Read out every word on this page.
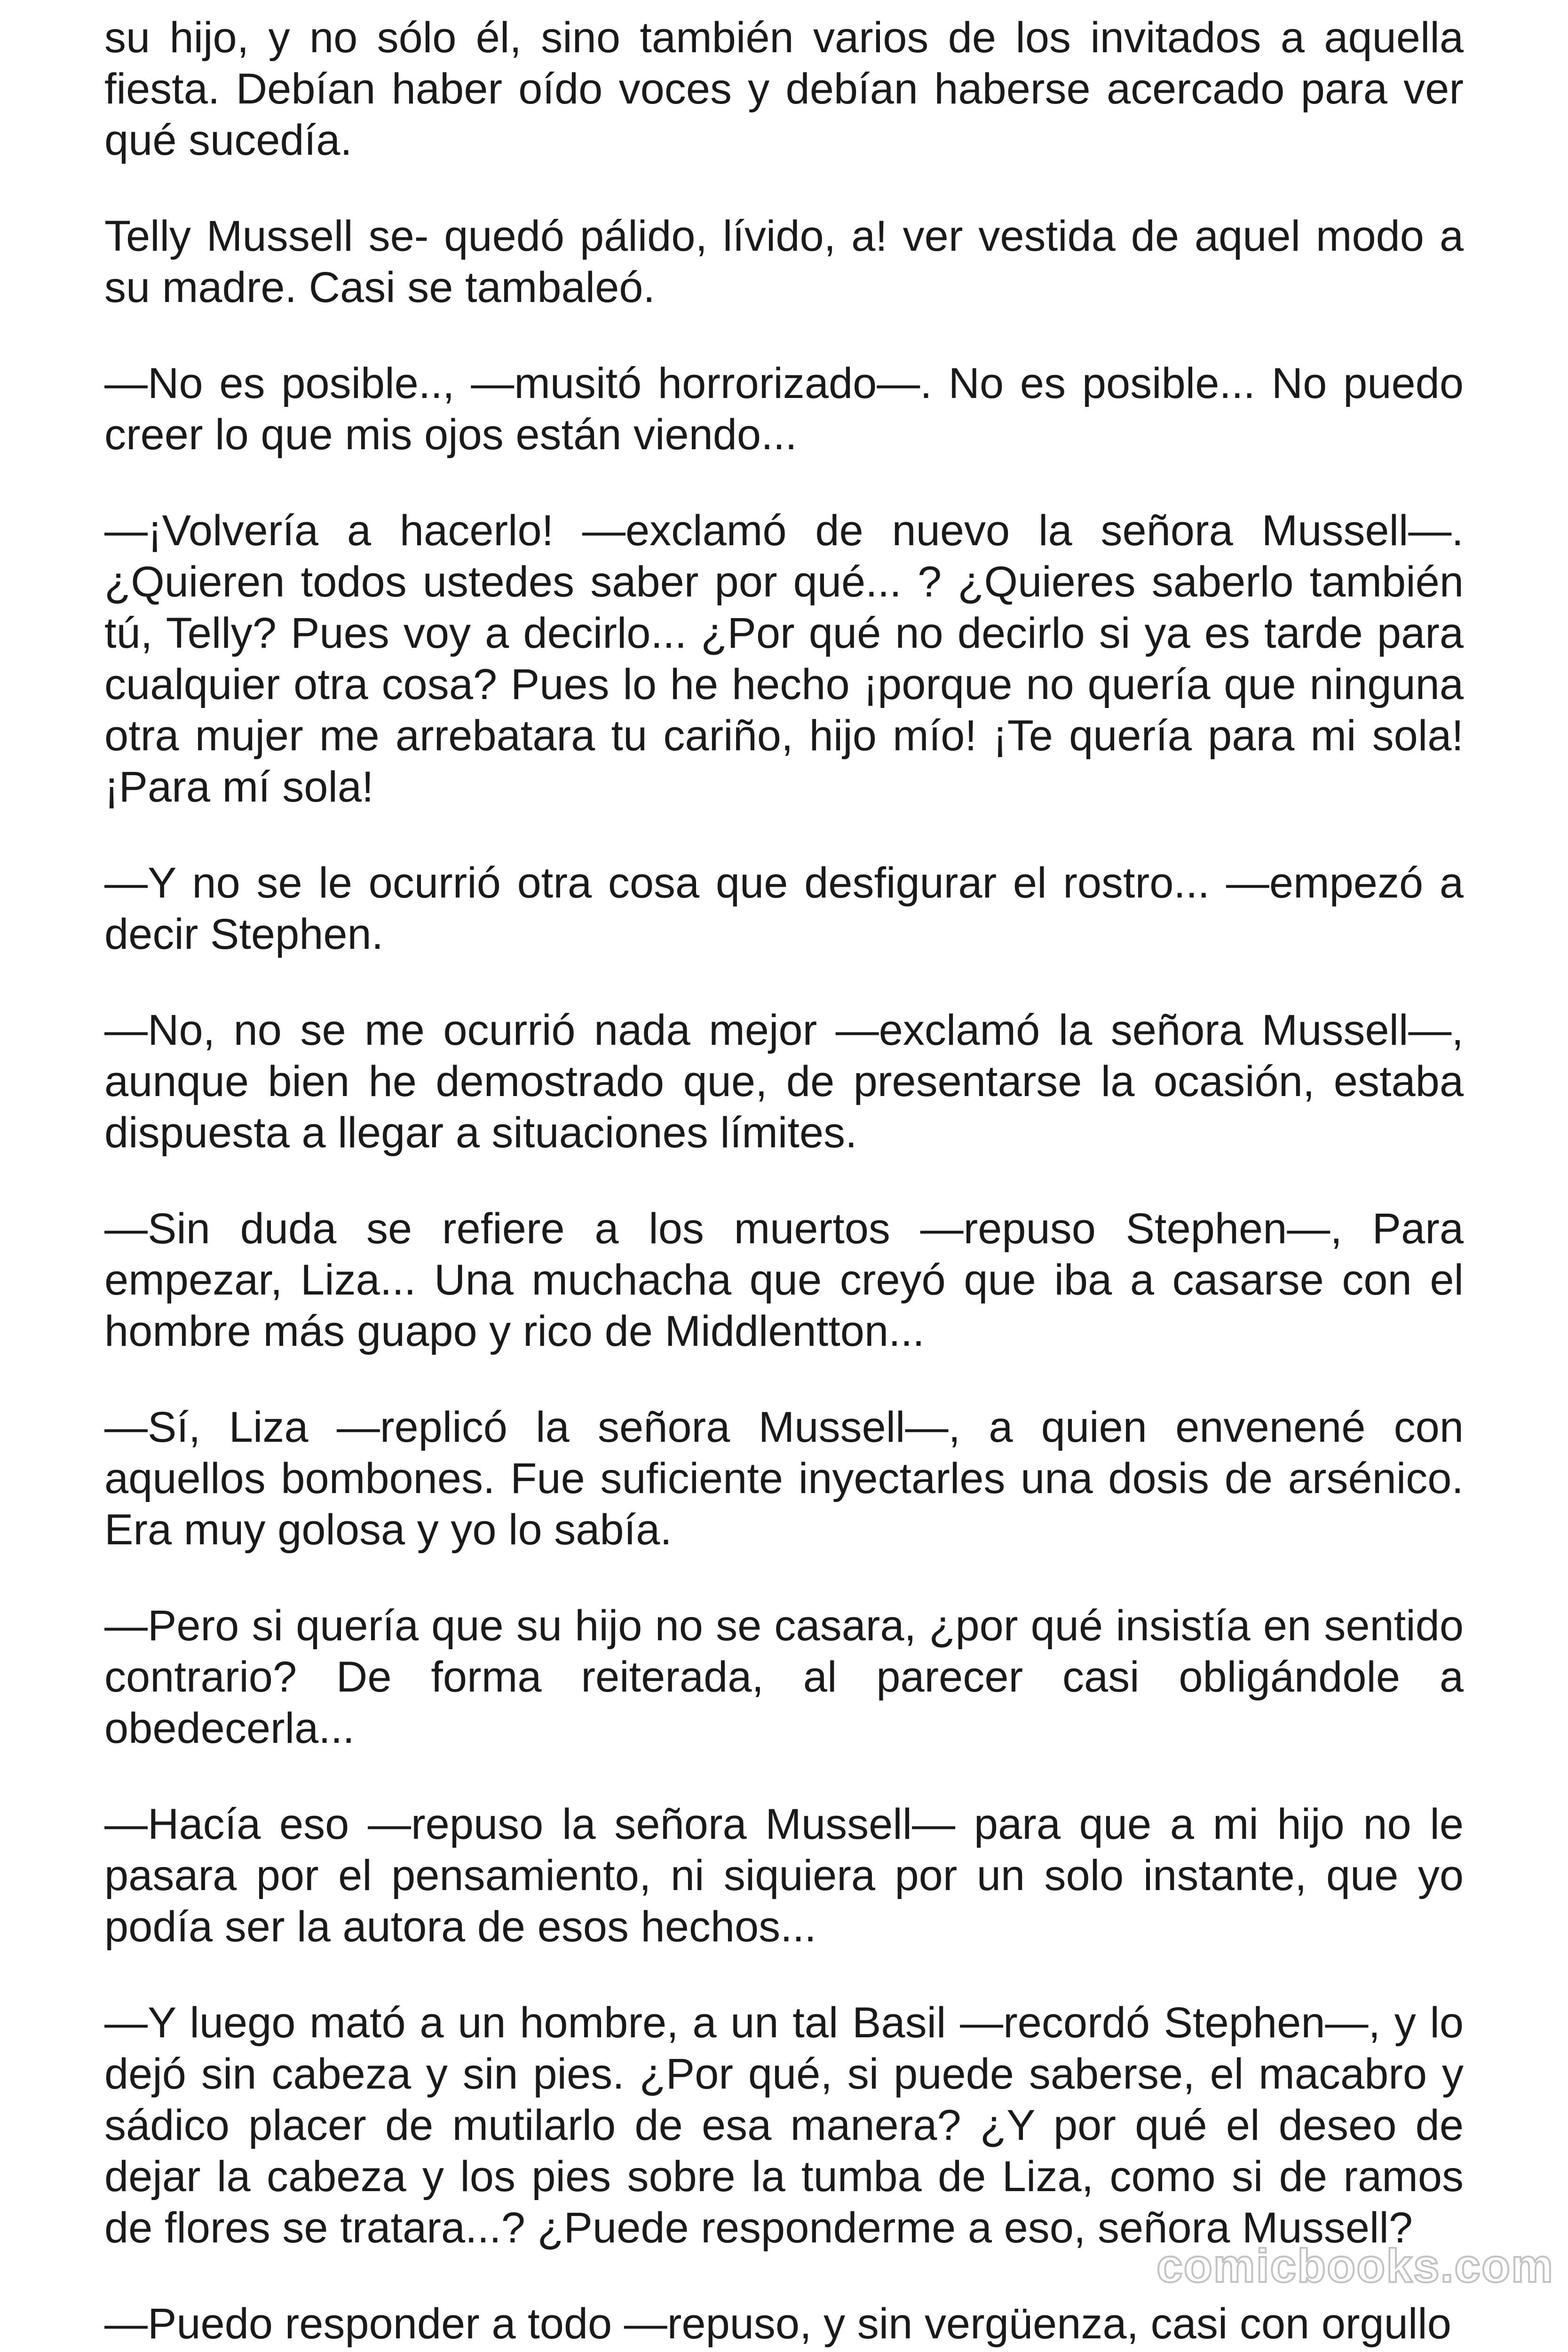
su hijo, y no sólo él, sino también varios de los invitados a aquella fiesta. Debían haber oído voces y debían haberse acercado para ver qué sucedía.

Telly Mussell se- quedó pálido, lívido, a! ver vestida de aquel modo a su madre. Casi se tambaleó.

—No es posible.., —musitó horrorizado—. No es posible... No puedo creer lo que mis ojos están viendo...

—¡Volvería a hacerlo! —exclamó de nuevo la señora Mussell—. ¿Quieren todos ustedes saber por qué... ? ¿Quieres saberlo también tú, Telly? Pues voy a decirlo... ¿Por qué no decirlo si ya es tarde para cualquier otra cosa? Pues lo he hecho ¡porque no quería que ninguna otra mujer me arrebatara tu cariño, hijo mío! ¡Te quería para mi sola! ¡Para mí sola!

—Y no se le ocurrió otra cosa que desfigurar el rostro... —empezó a decir Stephen.

—No, no se me ocurrió nada mejor —exclamó la señora Mussell—, aunque bien he demostrado que, de presentarse la ocasión, estaba dispuesta a llegar a situaciones límites.

—Sin duda se refiere a los muertos —repuso Stephen—, Para empezar, Liza... Una muchacha que creyó que iba a casarse con el hombre más guapo y rico de Middlentton...

—Sí, Liza —replicó la señora Mussell—, a quien envenené con aquellos bombones. Fue suficiente inyectarles una dosis de arsénico. Era muy golosa y yo lo sabía.

—Pero si quería que su hijo no se casara, ¿por qué insistía en sentido contrario? De forma reiterada, al parecer casi obligándole a obedecerla...

—Hacía eso —repuso la señora Mussell— para que a mi hijo no le pasara por el pensamiento, ni siquiera por un solo instante, que yo podía ser la autora de esos hechos...

—Y luego mató a un hombre, a un tal Basil —recordó Stephen—, y lo dejó sin cabeza y sin pies. ¿Por qué, si puede saberse, el macabro y sádico placer de mutilarlo de esa manera? ¿Y por qué el deseo de dejar la cabeza y los pies sobre la tumba de Liza, como si de ramos de flores se tratara...? ¿Puede responderme a eso, señora Mussell?

—Puedo responder a todo —repuso, y sin vergüenza, casi con orgullo

comicbooks.com
